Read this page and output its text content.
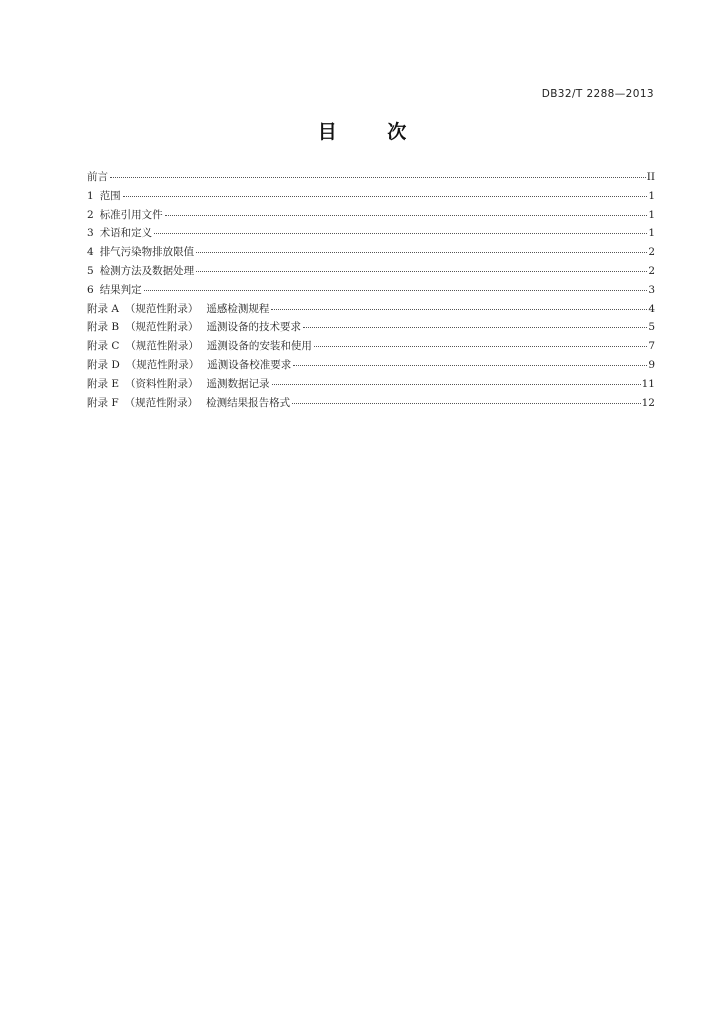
DB32/T 2288—2013
目 次
前言	II
1 范围	1
2 标准引用文件	1
3 术语和定义	1
4 排气污染物排放限值	2
5 检测方法及数据处理	2
6 结果判定	3
附录 A （规范性附录） 遥感检测规程	4
附录 B （规范性附录） 遥测设备的技术要求	5
附录 C （规范性附录） 遥测设备的安装和使用	7
附录 D （规范性附录） 遥测设备校准要求	9
附录 E （资料性附录） 遥测数据记录	11
附录 F （规范性附录） 检测结果报告格式	12
